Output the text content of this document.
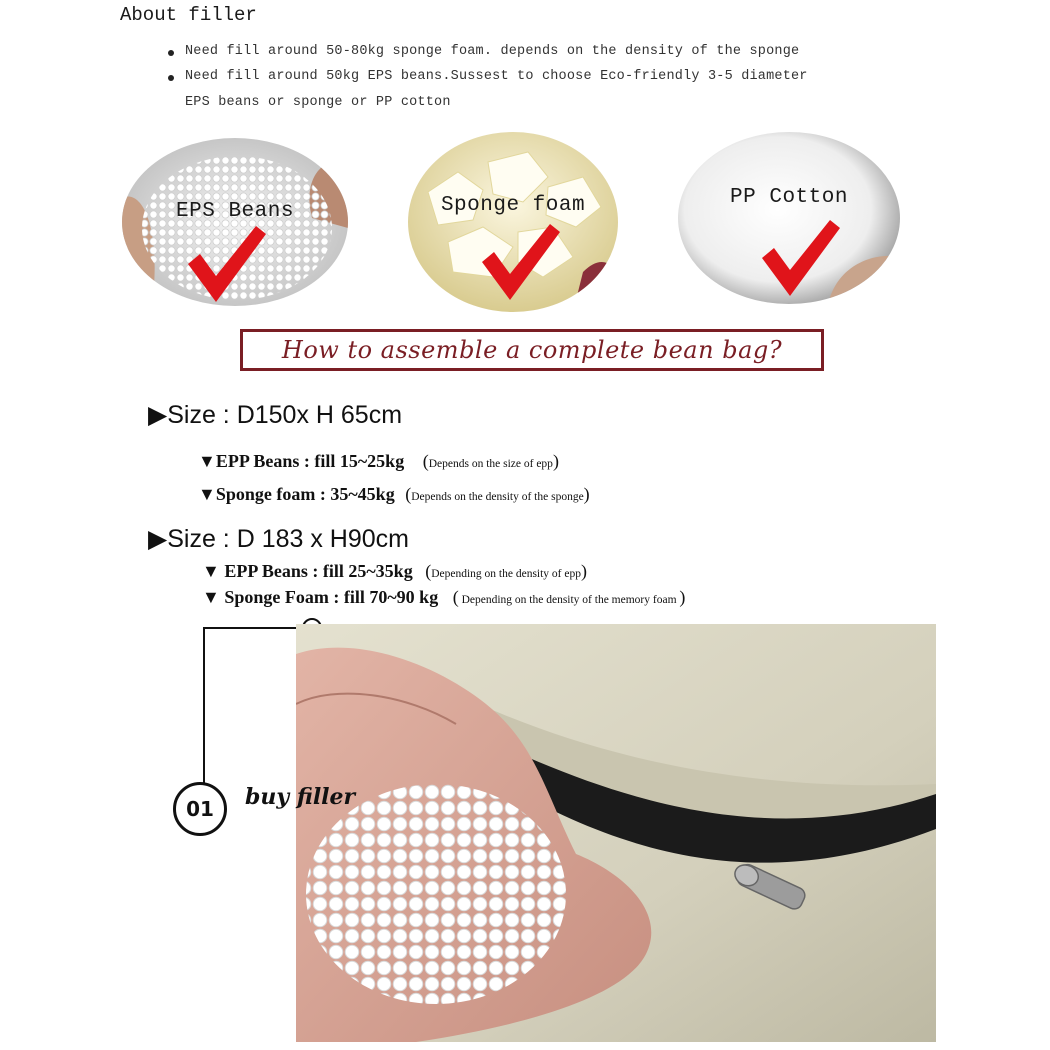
About filler
Need fill around 50-80kg sponge foam. depends on the density of the sponge
Need fill around 50kg EPS beans.Sussest to choose Eco-friendly 3-5 diameter
EPS beans or sponge or PP cotton
EPS Beans	Sponge foam	PP Cotton
How to assemble a complete bean bag?
▶Size : D150x H 65cm
▼EPP Beans : fill 15~25kg (Depends on the size of epp)
▼Sponge foam : 35~45kg (Depends on the density of the sponge)
▶Size : D 183 x H90cm
▼ EPP Beans : fill 25~35kg (Depending on the density of epp)
▼ Sponge Foam : fill 70~90 kg ( Depending on the density of the memory foam )
01	buy filler
